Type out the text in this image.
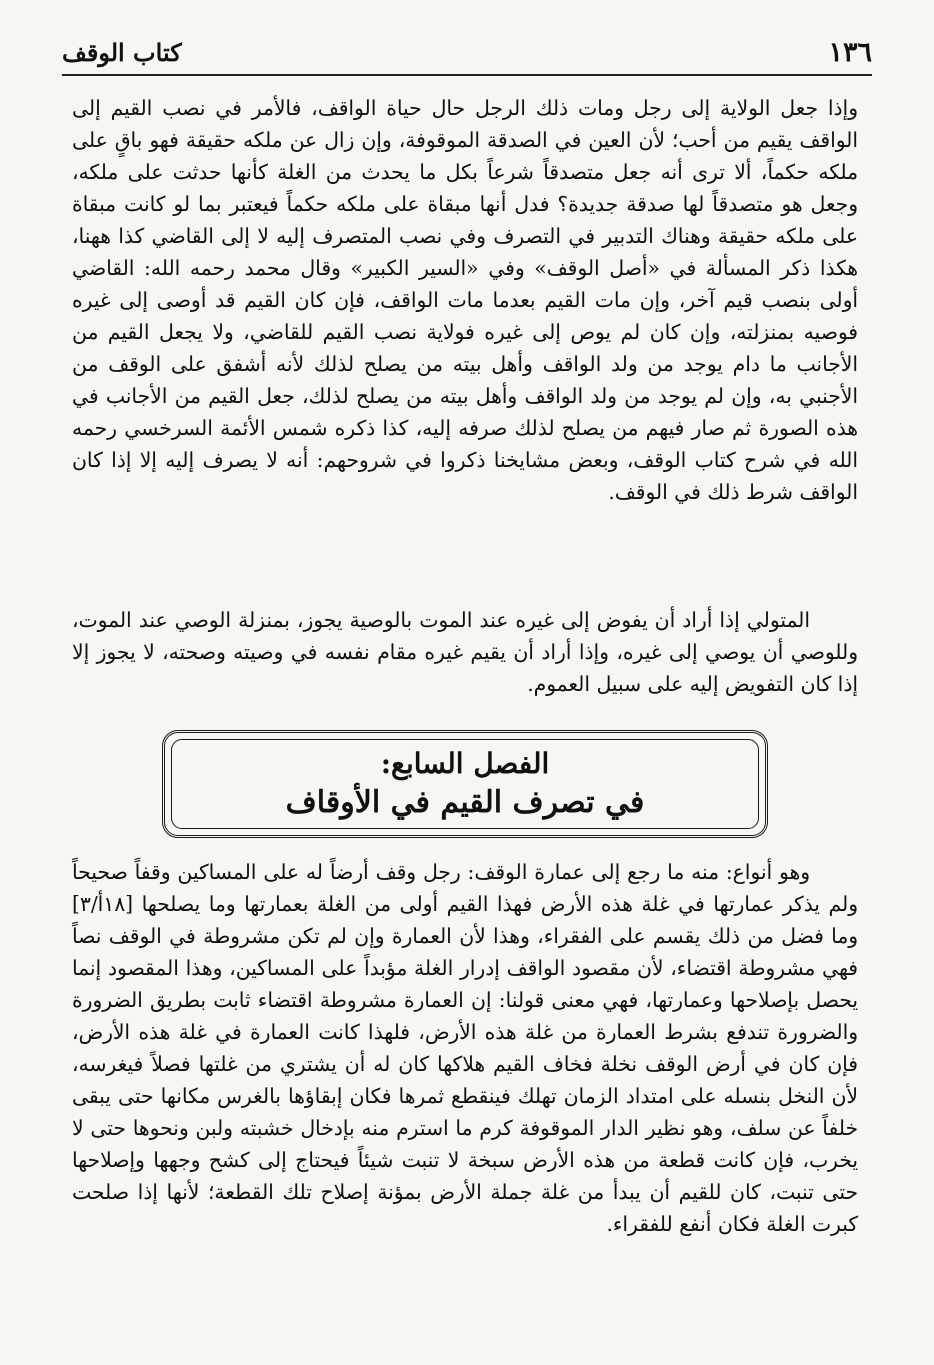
١٣٦
كتاب الوقف

وإذا جعل الولاية إلى رجل ومات ذلك الرجل حال حياة الواقف، فالأمر في نصب القيم إلى الواقف يقيم من أحب؛ لأن العين في الصدقة الموقوفة، وإن زال عن ملكه حقيقة فهو باقٍ على ملكه حكماً، ألا ترى أنه جعل متصدقاً شرعاً بكل ما يحدث من الغلة كأنها حدثت على ملكه، وجعل هو متصدقاً لها صدقة جديدة؟ فدل أنها مبقاة على ملكه حكماً فيعتبر بما لو كانت مبقاة على ملكه حقيقة وهناك التدبير في التصرف وفي نصب المتصرف إليه لا إلى القاضي كذا ههنا، هكذا ذكر المسألة في «أصل الوقف» وفي «السير الكبير» وقال محمد رحمه الله: القاضي أولى بنصب قيم آخر، وإن مات القيم بعدما مات الواقف، فإن كان القيم قد أوصى إلى غيره فوصيه بمنزلته، وإن كان لم يوص إلى غيره فولاية نصب القيم للقاضي، ولا يجعل القيم من الأجانب ما دام يوجد من ولد الواقف وأهل بيته من يصلح لذلك لأنه أشفق على الوقف من الأجنبي به، وإن لم يوجد من ولد الواقف وأهل بيته من يصلح لذلك، جعل القيم من الأجانب في هذه الصورة ثم صار فيهم من يصلح لذلك صرفه إليه، كذا ذكره شمس الأئمة السرخسي رحمه الله في شرح كتاب الوقف، وبعض مشايخنا ذكروا في شروحهم: أنه لا يصرف إليه إلا إذا كان الواقف شرط ذلك في الوقف.

المتولي إذا أراد أن يفوض إلى غيره عند الموت بالوصية يجوز، بمنزلة الوصي عند الموت، وللوصي أن يوصي إلى غيره، وإذا أراد أن يقيم غيره مقام نفسه في وصيته وصحته، لا يجوز إلا إذا كان التفويض إليه على سبيل العموم.

الفصل السابع:
في تصرف القيم في الأوقاف

وهو أنواع: منه ما رجع إلى عمارة الوقف: رجل وقف أرضاً له على المساكين وقفاً صحيحاً ولم يذكر عمارتها في غلة هذه الأرض فهذا القيم أولى من الغلة بعمارتها وما يصلحها [١٨أ/٣] وما فضل من ذلك يقسم على الفقراء، وهذا لأن العمارة وإن لم تكن مشروطة في الوقف نصاً فهي مشروطة اقتضاء، لأن مقصود الواقف إدرار الغلة مؤبداً على المساكين، وهذا المقصود إنما يحصل بإصلاحها وعمارتها، فهي معنى قولنا: إن العمارة مشروطة اقتضاء ثابت بطريق الضرورة والضرورة تندفع بشرط العمارة من غلة هذه الأرض، فلهذا كانت العمارة في غلة هذه الأرض، فإن كان في أرض الوقف نخلة فخاف القيم هلاكها كان له أن يشتري من غلتها فصلاً فيغرسه، لأن النخل بنسله على امتداد الزمان تهلك فينقطع ثمرها فكان إبقاؤها بالغرس مكانها حتى يبقى خلفاً عن سلف، وهو نظير الدار الموقوفة كرم ما استرم منه بإدخال خشبته ولبن ونحوها حتى لا يخرب، فإن كانت قطعة من هذه الأرض سبخة لا تنبت شيئاً فيحتاج إلى كشح وجهها وإصلاحها حتى تنبت، كان للقيم أن يبدأ من غلة جملة الأرض بمؤنة إصلاح تلك القطعة؛ لأنها إذا صلحت كبرت الغلة فكان أنفع للفقراء.
